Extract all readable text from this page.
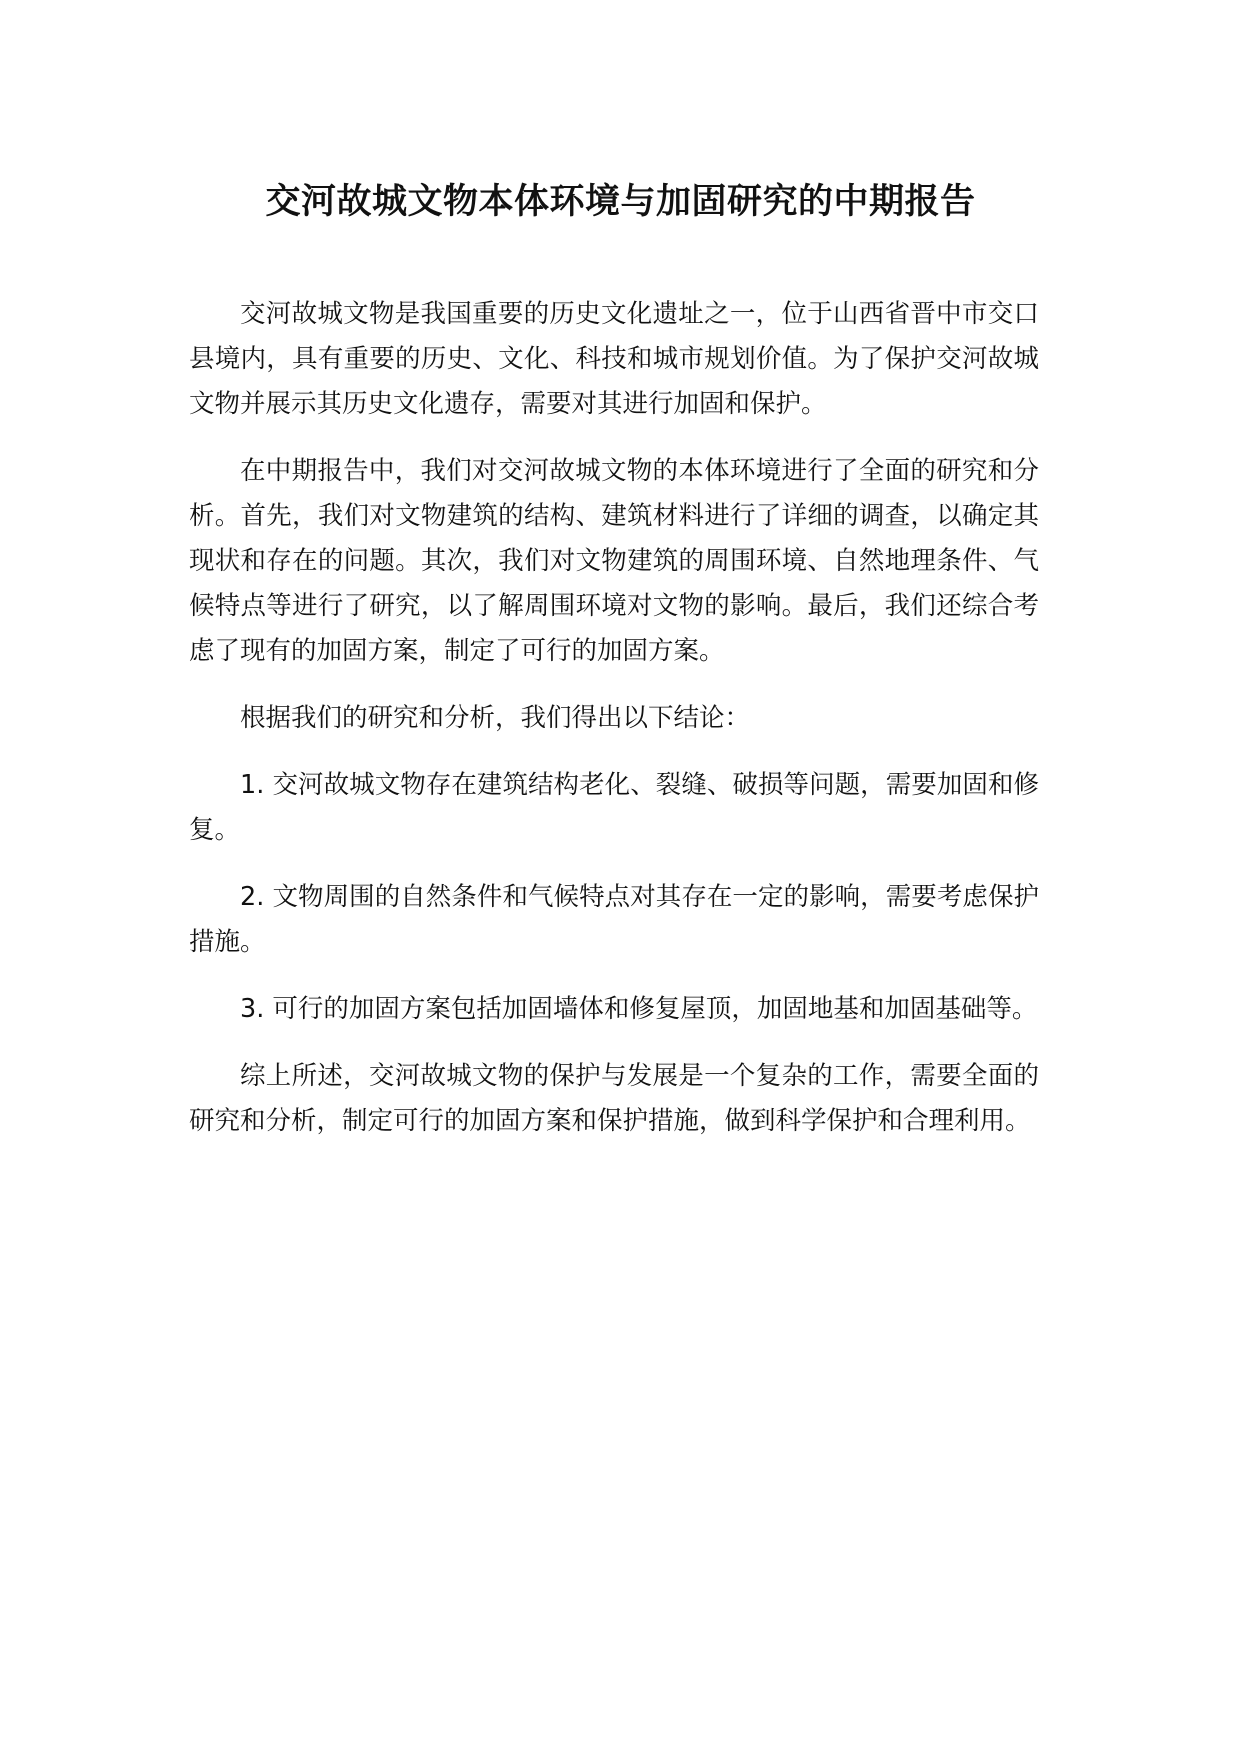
交河故城文物本体环境与加固研究的中期报告

交河故城文物是我国重要的历史文化遗址之一，位于山西省晋中市交口县境内，具有重要的历史、文化、科技和城市规划价值。为了保护交河故城文物并展示其历史文化遗存，需要对其进行加固和保护。

在中期报告中，我们对交河故城文物的本体环境进行了全面的研究和分析。首先，我们对文物建筑的结构、建筑材料进行了详细的调查，以确定其现状和存在的问题。其次，我们对文物建筑的周围环境、自然地理条件、气候特点等进行了研究，以了解周围环境对文物的影响。最后，我们还综合考虑了现有的加固方案，制定了可行的加固方案。

根据我们的研究和分析，我们得出以下结论：

1. 交河故城文物存在建筑结构老化、裂缝、破损等问题，需要加固和修复。

2. 文物周围的自然条件和气候特点对其存在一定的影响，需要考虑保护措施。

3. 可行的加固方案包括加固墙体和修复屋顶，加固地基和加固基础等。

综上所述，交河故城文物的保护与发展是一个复杂的工作，需要全面的研究和分析，制定可行的加固方案和保护措施，做到科学保护和合理利用。
